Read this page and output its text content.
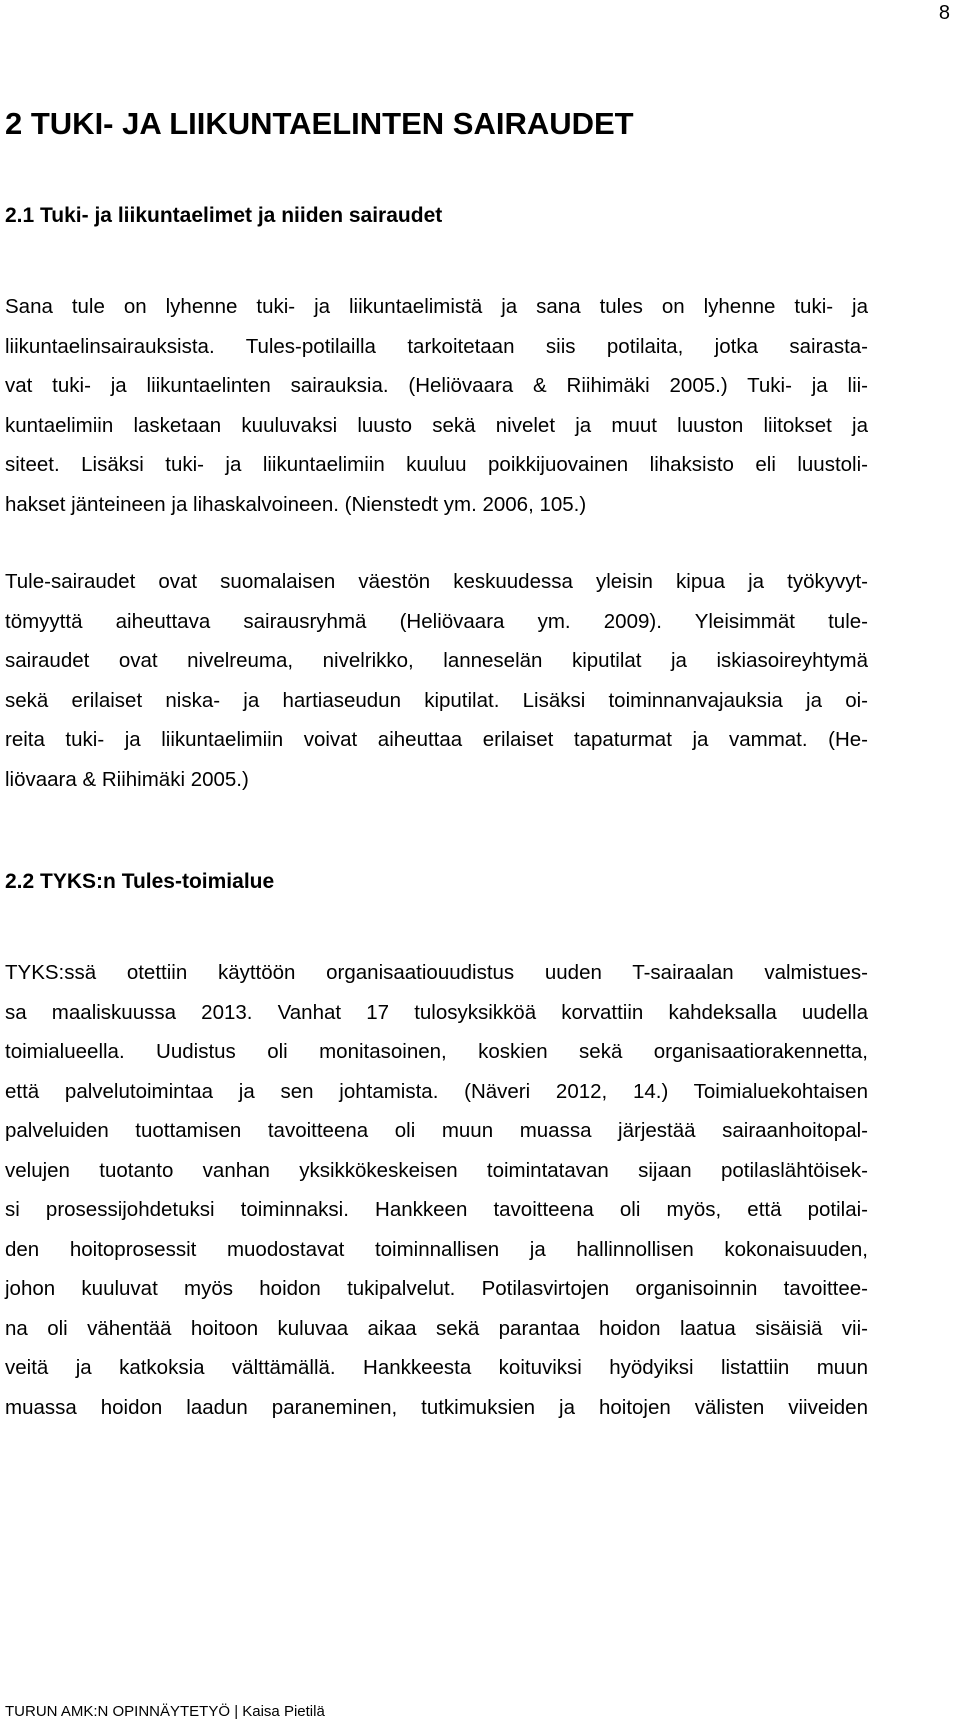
8
2 TUKI- JA LIIKUNTAELINTEN SAIRAUDET
2.1 Tuki- ja liikuntaelimet ja niiden sairaudet
Sana tule on lyhenne tuki- ja liikuntaelimistä ja sana tules on lyhenne tuki- ja
liikuntaelinsairauksista. Tules-potilailla tarkoitetaan siis potilaita, jotka sairasta-
vat tuki- ja liikuntaelinten sairauksia. (Heliövaara & Riihimäki 2005.) Tuki- ja lii-
kuntaelimiin lasketaan kuuluvaksi luusto sekä nivelet ja muut luuston liitokset ja
siteet. Lisäksi tuki- ja liikuntaelimiin kuuluu poikkijuovainen lihaksisto eli luustoli-
hakset jänteineen ja lihaskalvoineen. (Nienstedt ym. 2006, 105.)
Tule-sairaudet ovat suomalaisen väestön keskuudessa yleisin kipua ja työkyvyt-
tömyyttä aiheuttava sairausryhmä (Heliövaara ym. 2009). Yleisimmät tule-
sairaudet ovat nivelreuma, nivelrikko, lanneselän kiputilat ja iskiasoireyhtymä
sekä erilaiset niska- ja hartiaseudun kiputilat. Lisäksi toiminnanvajauksia ja oi-
reita tuki- ja liikuntaelimiin voivat aiheuttaa erilaiset tapaturmat ja vammat. (He-
liövaara & Riihimäki 2005.)
2.2 TYKS:n Tules-toimialue
TYKS:ssä otettiin käyttöön organisaatiouudistus uuden T-sairaalan valmistues-
sa maaliskuussa 2013. Vanhat 17 tulosyksikköä korvattiin kahdeksalla uudella
toimialueella. Uudistus oli monitasoinen, koskien sekä organisaatiorakennetta,
että palvelutoimintaa ja sen johtamista. (Näveri 2012, 14.) Toimialuekohtaisen
palveluiden tuottamisen tavoitteena oli muun muassa järjestää sairaanhoitopal-
velujen tuotanto vanhan yksikkökeskeisen toimintatavan sijaan potilaslähtöisek-
si prosessijohdetuksi toiminnaksi. Hankkeen tavoitteena oli myös, että potilai-
den hoitoprosessit muodostavat toiminnallisen ja hallinnollisen kokonaisuuden,
johon kuuluvat myös hoidon tukipalvelut. Potilasvirtojen organisoinnin tavoittee-
na oli vähentää hoitoon kuluvaa aikaa sekä parantaa hoidon laatua sisäisiä vii-
veitä ja katkoksia välttämällä. Hankkeesta koituviksi hyödyiksi listattiin muun
muassa hoidon laadun paraneminen, tutkimuksien ja hoitojen välisten viiveiden
TURUN AMK:N OPINNÄYTETYÖ | Kaisa Pietilä
